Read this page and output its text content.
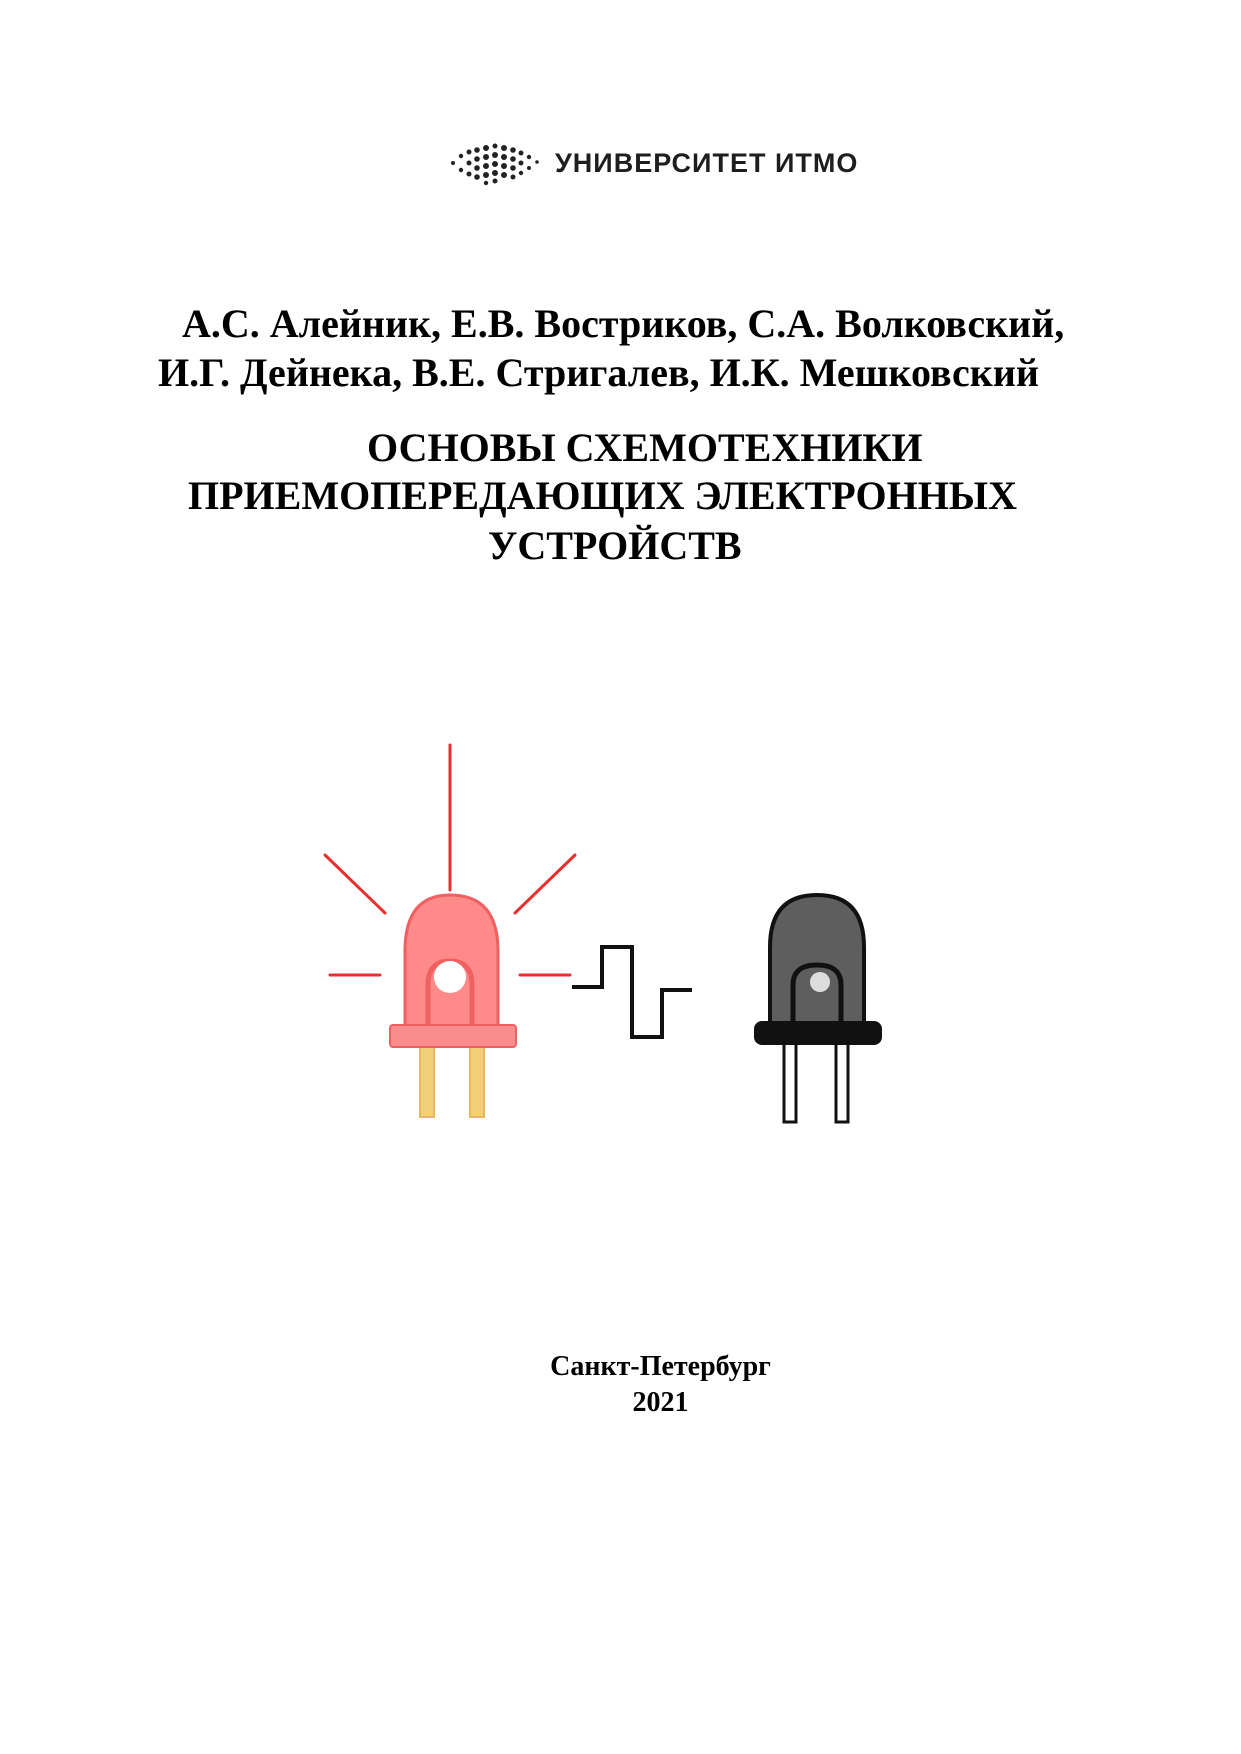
УНИВЕРСИТЕТ ИТМО
А.С. Алейник, Е.В. Востриков, С.А. Волковский,
И.Г. Дейнека, В.Е. Стригалев, И.К. Мешковский
ОСНОВЫ СХЕМОТЕХНИКИ
ПРИЕМОПЕРЕДАЮЩИХ ЭЛЕКТРОННЫХ
УСТРОЙСТВ
Санкт-Петербург
2021
